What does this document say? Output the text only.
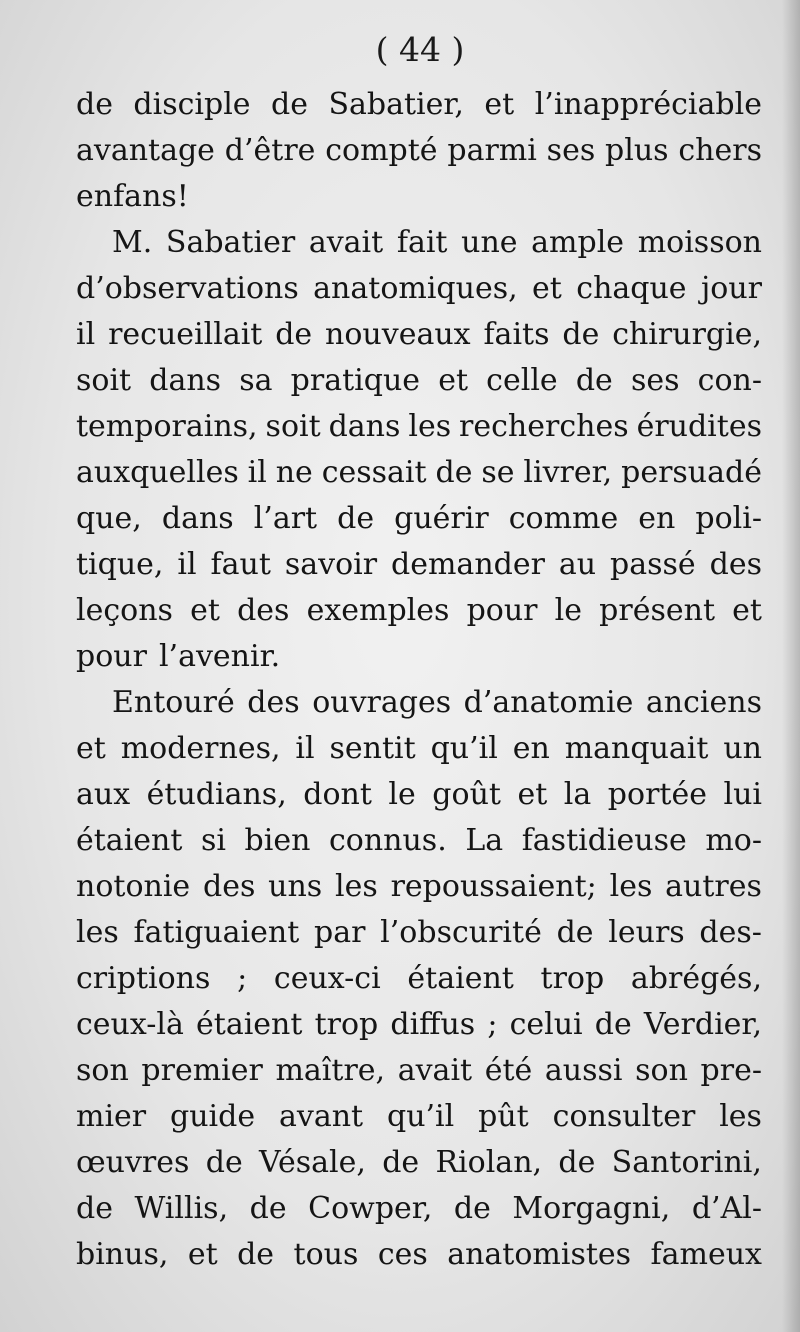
( 44 )
de disciple de Sabatier, et l’inappréciable
avantage d’être compté parmi ses plus chers
enfans!
M. Sabatier avait fait une ample moisson
d’observations anatomiques, et chaque jour
il recueillait de nouveaux faits de chirurgie,
soit dans sa pratique et celle de ses con-
temporains, soit dans les recherches érudites
auxquelles il ne cessait de se livrer, persuadé
que, dans l’art de guérir comme en poli-
tique, il faut savoir demander au passé des
leçons et des exemples pour le présent et
pour l’avenir.
Entouré des ouvrages d’anatomie anciens
et modernes, il sentit qu’il en manquait un
aux étudians, dont le goût et la portée lui
étaient si bien connus. La fastidieuse mo-
notonie des uns les repoussaient; les autres
les fatiguaient par l’obscurité de leurs des-
criptions ; ceux-ci étaient trop abrégés,
ceux-là étaient trop diffus ; celui de Verdier,
son premier maître, avait été aussi son pre-
mier guide avant qu’il pût consulter les
œuvres de Vésale, de Riolan, de Santorini,
de Willis, de Cowper, de Morgagni, d’Al-
binus, et de tous ces anatomistes fameux
